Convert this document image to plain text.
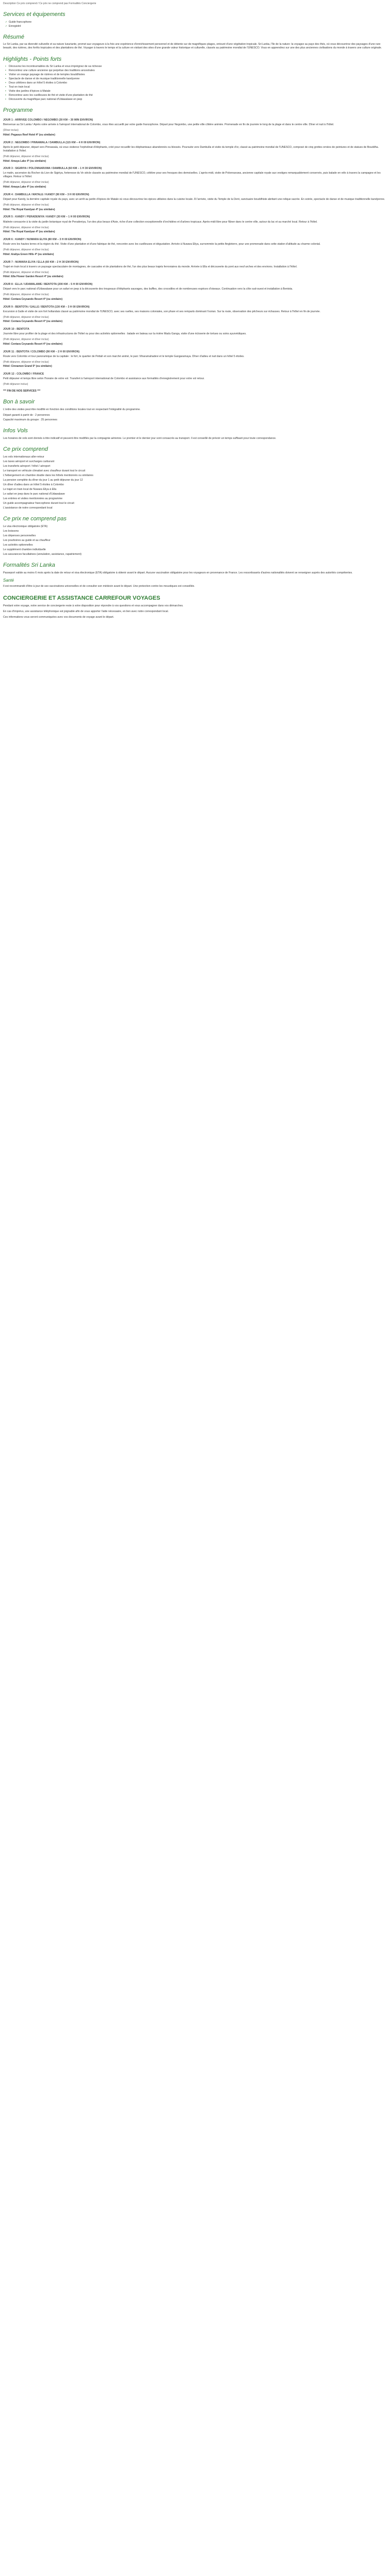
Description Ce prix comprend / Ce prix ne comprend pas Formalités Conciergerie
Services et équipements
✓ Guide francophone
✓ Enregistré
Résumé

Le Sri Lanka, par sa diversité culturelle et sa nature luxuriante, promet aux voyageurs à la fois une expérience d'enrichissement personnel et de détente sur de magnifiques plages, entouré d'une végétation tropicale. Sri Lanka, l'île de la nature: la voyagez au pays des thés, où vous découvrirez des paysages d'une rare beauté, des rizières, des forêts tropicales et des plantations de thé. Voyager à travers le temps et la culture en visitant des sites d'une grande valeur historique et culturelle, classés au patrimoine mondial de l'UNESCO. Vous en apprendrez sur une des plus anciennes civilisations du monde à travers une culture originale.

Highlights - Points forts
• Découvrez les incontournables du Sri Lanka et vous imprégnez de sa richesse
• Rencontrez une culture ancienne qui perpétue des traditions ancestrales
• Visiter un orange paysage de rizières et de temples bouddhistes
• Spectacle de danse et de musique traditionnelle kandyenne
• Deux célèbres dans un hôtel 5 étoiles à Colombo
• Tout en train local
• Visite des jardins d'épices à Matale
• Rencontrez avec les cueilleuses de thé et visite d'une plantation de thé
• Découverte du magnifique parc national d'Udawalawe en jeep
Programme
JOUR 1 : ARRIVEE COLOMBO / NEGOMBO (30 KM – 30 MIN ENVIRON)

Bienvenue au Sri Lanka ! Après votre arrivée à l'aéroport international de Colombo, vous êtes accueilli par votre guide francophone. Départ pour Negombo, une petite ville côtière animée. Promenade en fin de journée le long de la plage et dans le centre ville. Dîner et nuit à l'hôtel.

(Dîner inclus)
Hôtel: Pegasus Reef Hotel 4* (ou similaire)
JOUR 2 : NEGOMBO / PINNAWALA / DAMBULLA (115 KM – 4 H 00 ENVIRON)

Après le petit déjeuner, départ vers Pinnawala, où vous visiterez l'orphelinat d'éléphants, créé pour recueillir les éléphanteaux abandonnés ou blessés. Poursuite vers Dambulla et visite du temple d'or, classé au patrimoine mondial de l'UNESCO, composé de cinq grottes ornées de peintures et de statues de Bouddha. Installation à l'hôtel.

(Petit déjeuner, déjeuner et dîner inclus)
Hôtel: Amaya Lake 4* (ou similaire)
JOUR 3 : SIGIRIYA / POLONNARUWA / DAMBULLA (60 KM – 1 H 30 ENVIRON)

Le matin, ascension du Rocher du Lion de Sigiriya, forteresse du Ve siècle classée au patrimoine mondial de l'UNESCO, célèbre pour ses fresques des demoiselles. L'après-midi, visite de Polonnaruwa, ancienne capitale royale aux vestiges remarquablement conservés, puis balade en vélo à travers la campagne et les villages. Retour à l'hôtel.

(Petit déjeuner, déjeuner et dîner inclus)
Hôtel: Amaya Lake 4* (ou similaire)
JOUR 4 : DAMBULLA / MATALE / KANDY (90 KM – 3 H 00 ENVIRON)

Départ pour Kandy, la dernière capitale royale du pays, avec un arrêt au jardin d'épices de Matale où vous découvrirez les épices utilisées dans la cuisine locale. À l'arrivée, visite du Temple de la Dent, sanctuaire bouddhiste abritant une relique sacrée. En soirée, spectacle de danse et de musique traditionnelle kandyenne.

(Petit déjeuner, déjeuner et dîner inclus)
Hôtel: The Royal Kandyan 4* (ou similaire)
JOUR 5 : KANDY / PERADENIYA / KANDY (30 KM – 1 H 00 ENVIRON)

Matinée consacrée à la visite du jardin botanique royal de Peradeniya, l'un des plus beaux d'Asie, riche d'une collection exceptionnelle d'orchidées et d'arbres tropicaux. Après-midi libre pour flâner dans le centre ville, autour du lac et au marché local. Retour à l'hôtel.

(Petit déjeuner, déjeuner et dîner inclus)
Hôtel: The Royal Kandyan 4* (ou similaire)
JOUR 6 : KANDY / NUWARA ELIYA (80 KM – 3 H 00 ENVIRON)

Route vers les hautes terres et la région du thé. Visite d'une plantation et d'une fabrique de thé, rencontre avec les cueilleuses et dégustation. Arrivée à Nuwara Eliya, surnommée la petite Angleterre, pour une promenade dans cette station d'altitude au charme colonial.

(Petit déjeuner, déjeuner et dîner inclus)
Hôtel: Araliya Green Hills 4* (ou similaire)
JOUR 7 : NUWARA ELIYA / ELLA (60 KM – 2 H 30 ENVIRON)

Trajet en train local à travers un paysage spectaculaire de montagnes, de cascades et de plantations de thé, l'un des plus beaux trajets ferroviaires du monde. Arrivée à Ella et découverte du pont aux neuf arches et des environs. Installation à l'hôtel.

(Petit déjeuner, déjeuner et dîner inclus)
Hôtel: Ella Flower Garden Resort 4* (ou similaire)
JOUR 8 : ELLA / UDAWALAWE / BENTOTA (200 KM – 5 H 00 ENVIRON)

Départ vers le parc national d'Udawalawe pour un safari en jeep à la découverte des troupeaux d'éléphants sauvages, des buffles, des crocodiles et de nombreuses espèces d'oiseaux. Continuation vers la côte sud-ouest et installation à Bentota.

(Petit déjeuner, déjeuner et dîner inclus)
Hôtel: Centara Ceysands Resort 4* (ou similaire)
JOUR 9 : BENTOTA / GALLE / BENTOTA (130 KM – 3 H 00 ENVIRON)

Excursion à Galle et visite de son fort hollandais classé au patrimoine mondial de l'UNESCO, avec ses ruelles, ses maisons coloniales, son phare et ses remparts dominant l'océan. Sur la route, observation des pêcheurs sur échasses. Retour à l'hôtel en fin de journée.

(Petit déjeuner, déjeuner et dîner inclus)
Hôtel: Centara Ceysands Resort 4* (ou similaire)
JOUR 10 : BENTOTA

Journée libre pour profiter de la plage et des infrastructures de l'hôtel ou pour des activités optionnelles : balade en bateau sur la rivière Madu Ganga, visite d'une écloserie de tortues ou soins ayurvédiques.

(Petit déjeuner, déjeuner et dîner inclus)
Hôtel: Centara Ceysands Resort 4* (ou similaire)
JOUR 11 : BENTOTA / COLOMBO (90 KM – 2 H 00 ENVIRON)

Route vers Colombo et tour panoramique de la capitale : le fort, le quartier de Pettah et son marché animé, le parc Viharamahadevi et le temple Gangaramaya. Dîner d'adieu et nuit dans un hôtel 5 étoiles.

(Petit déjeuner, déjeuner et dîner inclus)
Hôtel: Cinnamon Grand 5* (ou similaire)
JOUR 12 : COLOMBO / FRANCE

Petit déjeuner et temps libre selon l'horaire de votre vol. Transfert à l'aéroport international de Colombo et assistance aux formalités d'enregistrement pour votre vol retour.

(Petit déjeuner inclus)
*** FIN DE NOS SERVICES ***
Bon à savoir

L'ordre des visites peut être modifié en fonction des conditions locales tout en respectant l'intégralité du programme.

Départ garanti à partir de : 2 personnes
Capacité maximum du groupe : 25 personnes
Infos Vols

Les horaires de vols sont donnés à titre indicatif et peuvent être modifiés par la compagnie aérienne. Le premier et le dernier jour sont consacrés au transport. Il est conseillé de prévoir un temps suffisant pour toute correspondance.

Ce prix comprend
Les vols internationaux aller-retour
Les taxes aéroport et surcharges carburant
Les transferts aéroport / hôtel / aéroport
Le transport en véhicule climatisé avec chauffeur durant tout le circuit
L'hébergement en chambre double dans les hôtels mentionnés ou similaires
La pension complète du dîner du jour 1 au petit déjeuner du jour 12
Un dîner d'adieu dans un hôtel 5 étoiles à Colombo
Le trajet en train local de Nuwara Eliya à Ella
Le safari en jeep dans le parc national d'Udawalawe
Les entrées et visites mentionnées au programme
Un guide accompagnateur francophone durant tout le circuit
L'assistance de notre correspondant local
Ce prix ne comprend pas
Le visa électronique obligatoire (ETA)
Les boissons
Les dépenses personnelles
Les pourboires au guide et au chauffeur
Les activités optionnelles
Le supplément chambre individuelle
Les assurances facultatives (annulation, assistance, rapatriement)
Formalités Sri Lanka

Passeport valide au moins 6 mois après la date de retour et visa électronique (ETA) obligatoire à obtenir avant le départ. Aucune vaccination obligatoire pour les voyageurs en provenance de France. Les ressortissants d'autres nationalités doivent se renseigner auprès des autorités compétentes.

Santé

Il est recommandé d'être à jour de ses vaccinations universelles et de consulter son médecin avant le départ. Une protection contre les moustiques est conseillée.

CONCIERGERIE ET ASSISTANCE CARREFOUR VOYAGES

Pendant votre voyage, notre service de conciergerie reste à votre disposition pour répondre à vos questions et vous accompagner dans vos démarches.

En cas d'imprévu, une assistance téléphonique est joignable afin de vous apporter l'aide nécessaire, en lien avec notre correspondant local.

Ces informations vous seront communiquées avec vos documents de voyage avant le départ.
